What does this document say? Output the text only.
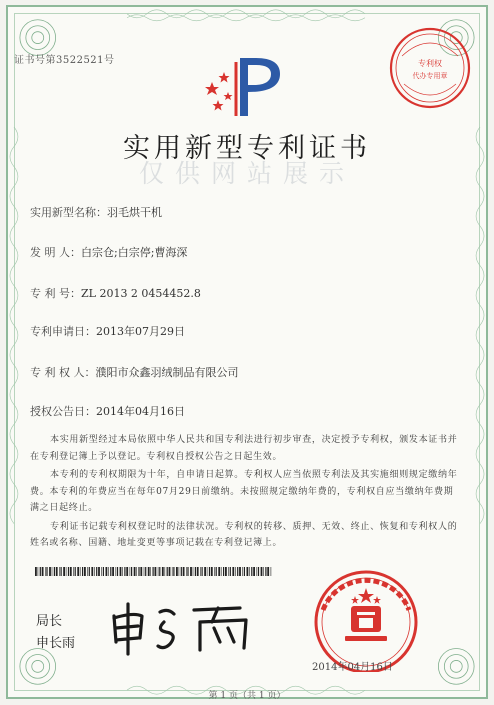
证书号第3522521号	专利权
代办专用章
实用新型专利证书
仅供网站展示
实用新型名称：羽毛烘干机
发 明 人：白宗仓;白宗停;曹海深
专 利 号：ZL 2013 2 0454452.8
专利申请日：2013年07月29日
专 利 权 人：濮阳市众鑫羽绒制品有限公司
授权公告日：2014年04月16日

本实用新型经过本局依照中华人民共和国专利法进行初步审查，决定授予专利权，颁发本证书并在专利登记簿上予以登记。专利权自授权公告之日起生效。

本专利的专利权期限为十年，自申请日起算。专利权人应当依照专利法及其实施细则规定缴纳年费。本专利的年费应当在每年07月29日前缴纳。未按照规定缴纳年费的，专利权自应当缴纳年费期满之日起终止。

专利证书记载专利权登记时的法律状况。专利权的转移、质押、无效、终止、恢复和专利权人的姓名或名称、国籍、地址变更等事项记载在专利登记簿上。

局长
申长雨
2014年04月16日
第 1 页（共 1 页）
